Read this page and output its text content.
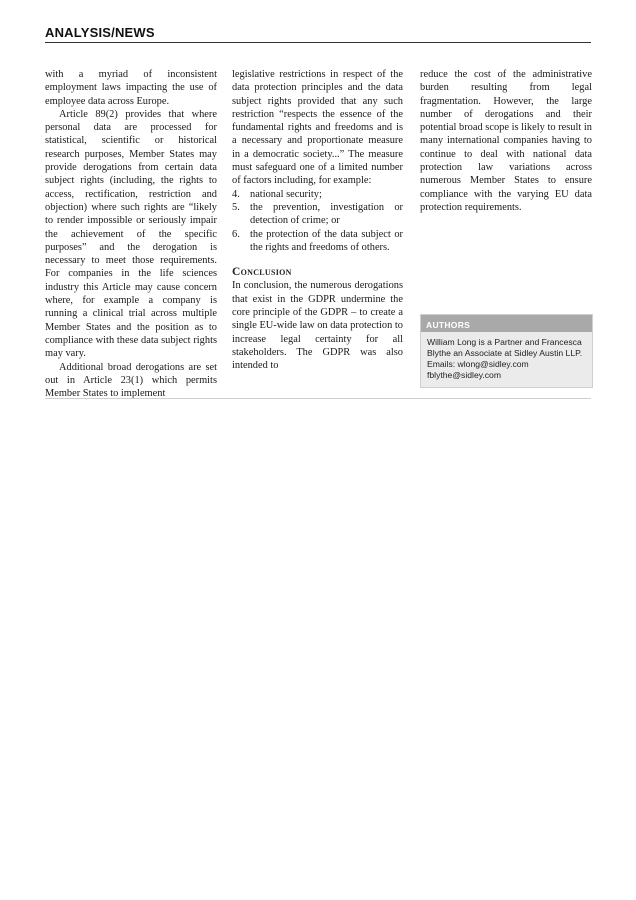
ANALYSIS/NEWS

with a myriad of inconsistent employment laws impacting the use of employee data across Europe.

Article 89(2) provides that where personal data are processed for statistical, scientific or historical research purposes, Member States may provide derogations from certain data subject rights (including, the rights to access, rectification, restriction and objection) where such rights are “likely to render impossible or seriously impair the achievement of the specific purposes” and the derogation is necessary to meet those requirements. For companies in the life sciences industry this Article may cause concern where, for example a company is running a clinical trial across multiple Member States and the position as to compliance with these data subject rights may vary.

Additional broad derogations are set out in Article 23(1) which permits Member States to implement

legislative restrictions in respect of the data protection principles and the data subject rights provided that any such restriction “respects the essence of the fundamental rights and freedoms and is a necessary and proportionate measure in a democratic society...” The measure must safeguard one of a limited number of factors including, for example:

4. national security;
5. the prevention, investigation or detection of crime; or
6. the protection of the data subject or the rights and freedoms of others.
Conclusion

In conclusion, the numerous derogations that exist in the GDPR undermine the core principle of the GDPR – to create a single EU-wide law on data protection to increase legal certainty for all stakeholders. The GDPR was also intended to

reduce the cost of the administrative burden resulting from legal fragmentation. However, the large number of derogations and their potential broad scope is likely to result in many international companies having to continue to deal with national data protection law variations across numerous Member States to ensure compliance with the varying EU data protection requirements.

AUTHORS
William Long is a Partner and Francesca Blythe an Associate at Sidley Austin LLP.
Emails: wlong@sidley.com
fblythe@sidley.com
